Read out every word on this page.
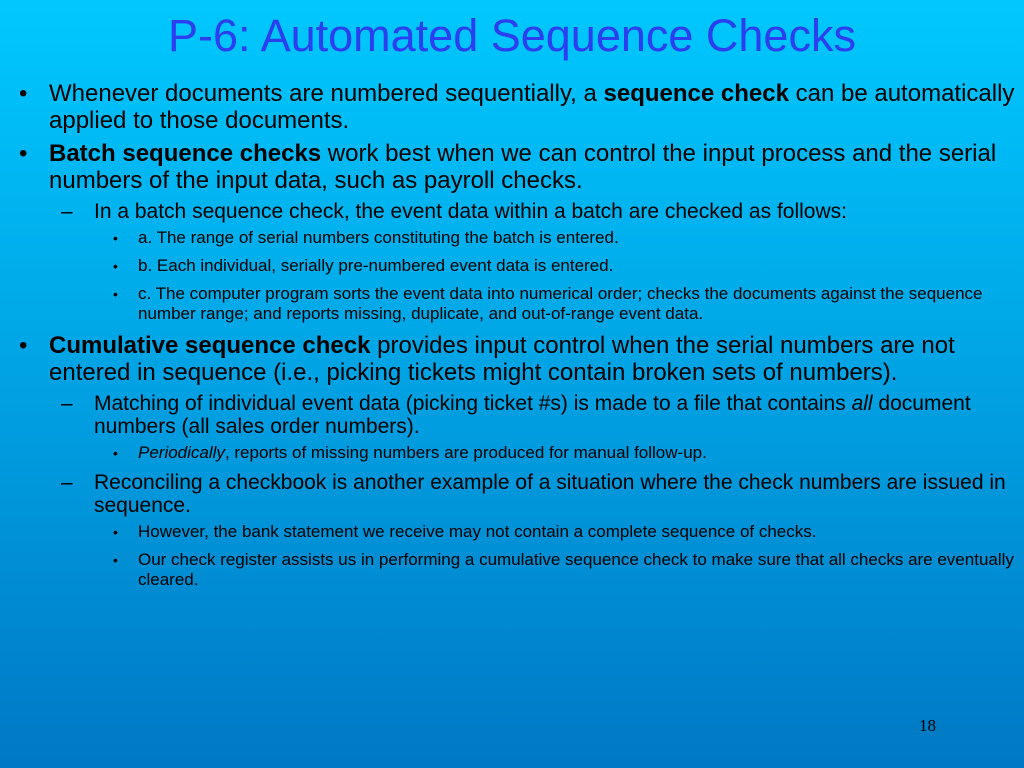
P-6: Automated Sequence Checks
• Whenever documents are numbered sequentially, a sequence check can be automatically applied to those documents.
• Batch sequence checks work best when we can control the input process and the serial numbers of the input data, such as payroll checks.
– In a batch sequence check, the event data within a batch are checked as follows:
• a. The range of serial numbers constituting the batch is entered.
• b. Each individual, serially pre-numbered event data is entered.
• c. The computer program sorts the event data into numerical order; checks the documents against the sequence number range; and reports missing, duplicate, and out-of-range event data.
• Cumulative sequence check provides input control when the serial numbers are not entered in sequence (i.e., picking tickets might contain broken sets of numbers).
– Matching of individual event data (picking ticket #s) is made to a file that contains all document numbers (all sales order numbers).
• Periodically, reports of missing numbers are produced for manual follow-up.
– Reconciling a checkbook is another example of a situation where the check numbers are issued in sequence.
• However, the bank statement we receive may not contain a complete sequence of checks.
• Our check register assists us in performing a cumulative sequence check to make sure that all checks are eventually cleared.
18
